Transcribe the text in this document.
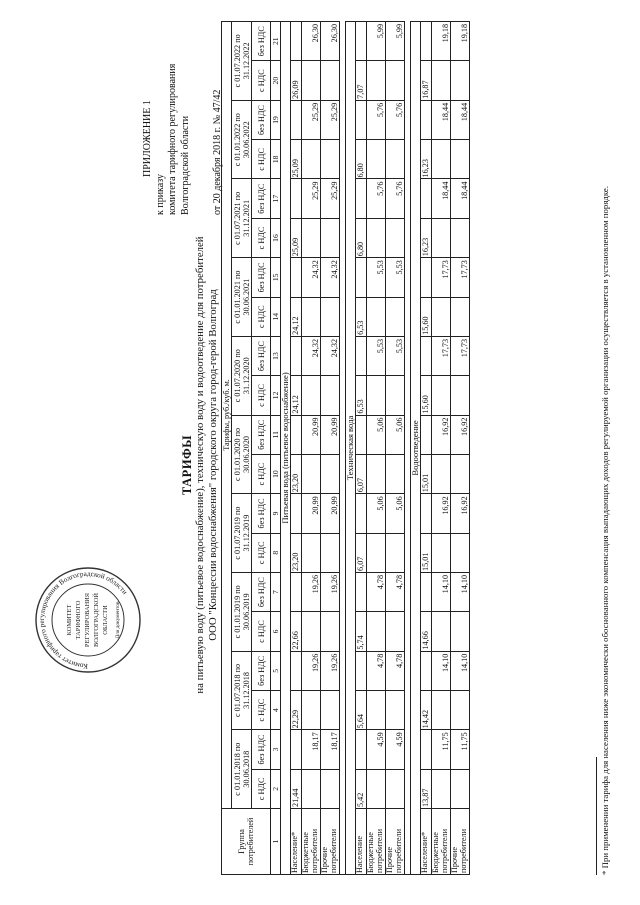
ПРИЛОЖЕНИЕ 1
к приказу комитета тарифного регулирования Волгоградской области от 20 декабря 2018 г. № 47/42
Комитет тарифного регулирования Волгоградской области
КОМИТЕТ ТАРИФНОГО РЕГУЛИРОВАНИЯ ВОЛГОГРАДСКОЙ ОБЛАСТИ Для документов
ТАРИФЫ на питьевую воду (питьевое водоснабжение), техническую воду и водоотведение для потребителей ООО "Концессии водоснабжения" городского округа город-герой Волгоград
Группа потребителей	Тарифы, руб./куб. м.																			
	с 01.01.2018 по 30.06.2018		с 01.07.2018 по 31.12.2018		с 01.01.2019 по 30.06.2019		с 01.07.2019 по 31.12.2019		с 01.01.2020 по 30.06.2020		с 01.07.2020 по 31.12.2020		с 01.01.2021 по 30.06.2021		с 01.07.2021 по 31.12.2021		с 01.01.2022 по 30.06.2022		с 01.07.2022 по 31.12.2022	
	с НДС	без НДС	с НДС	без НДС	с НДС	без НДС	с НДС	без НДС	с НДС	без НДС	с НДС	без НДС	с НДС	без НДС	с НДС	без НДС	с НДС	без НДС	с НДС	без НДС
1	2	3	4	5	6	7	8	9	10	11	12	13	14	15	16	17	18	19	20	21
Питьевая вода (питьевое водоснабжение)																				
Население*	21,44		22,29		22,66		23,20		23,20		24,12		24,12		25,09		25,09		26,09	
Бюджетные потребители		18,17		19,26		19,26		20,99		20,99		24,32		24,32		25,29		25,29		26,30
Прочие потребители		18,17		19,26		19,26		20,99		20,99		24,32		24,32		25,29		25,29		26,30

Техническая вода																				
Население	5,42		5,64		5,74		6,07		6,07		6,53		6,53		6,80		6,80		7,07	
Бюджетные потребители		4,59		4,78		4,78		5,06		5,06		5,53		5,53		5,76		5,76		5,99
Прочие потребители		4,59		4,78		4,78		5,06		5,06		5,53		5,53		5,76		5,76		5,99

Водоотведение																				
Население*	13,87		14,42		14,66		15,01		15,01		15,60		15,60		16,23		16,23		16,87	
Бюджетные потребители		11,75		14,10		14,10		16,92		16,92		17,73		17,73		18,44		18,44		19,18
Прочие потребители		11,75		14,10		14,10		16,92		16,92		17,73		17,73		18,44		18,44		19,18
* При применении тарифа для населения ниже экономически обоснованного компенсация выпадающих доходов регулируемой организации осуществляется в установленном порядке.
